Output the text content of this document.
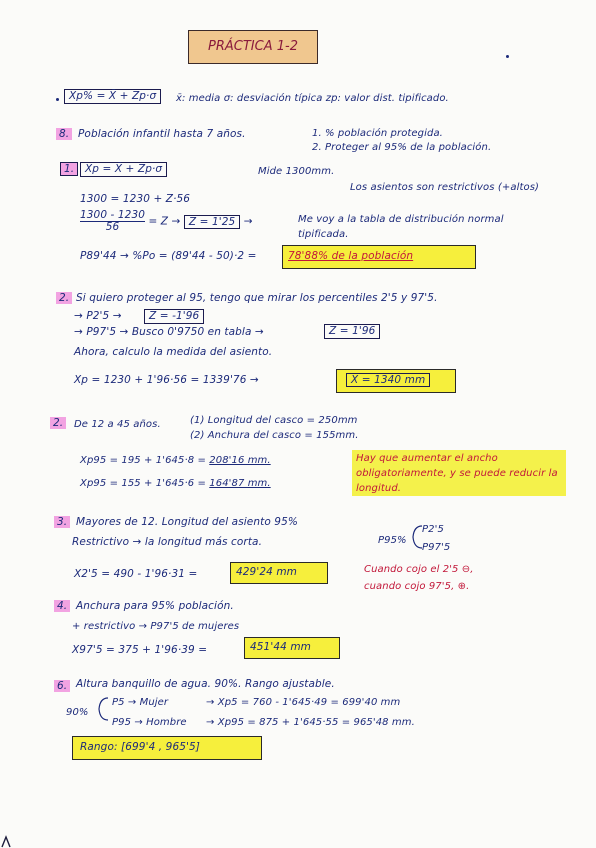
PRÁCTICA 1-2
Xp% = X̄ + Zp·σ	x̄: media σ: desviación típica zp: valor dist. tipificado.
8. Población infantil hasta 7 años.	1. % población protegida.
2. Proteger al 95% de la población.
1.	Xp = X̄ + Zp·σ	Mide 1300mm.
Los asientos son restrictivos (+altos)
1300 = 1230 + Z·56
$\frac{1300 - 1230}{56} = Z \to Z = 1'25$ →	Me voy a la tabla de distribución normal
tipificada.
P89'44 → %Po = (89'44 - 50)·2 =	78'88% de la población
2. Si quiero proteger al 95, tengo que mirar los percentiles 2'5 y 97'5.
→ P2'5 →	Z = -1'96
→ P97'5 → Busco 0'9750 en tabla →	Z = 1'96
Ahora, calculo la medida del asiento.
Xp = 1230 + 1'96·56 = 1339'76 →	X = 1340 mm
2.	De 12 a 45 años.	(1) Longitud del casco = 250mm
(2) Anchura del casco = 155mm.
Xp95 = 195 + 1'645·8 = 208'16 mm.
Xp95 = 155 + 1'645·6 = 164'87 mm.
Hay que aumentar el ancho obligatoriamente, y se puede reducir la longitud.
3. Mayores de 12. Longitud del asiento 95%
Restrictivo → la longitud más corta.	P95%
P2'5
P97'5
X2'5 = 490 - 1'96·31 =	429'24 mm	Cuando cojo el 2'5 ⊖,
cuando cojo 97'5, ⊕.
4. Anchura para 95% población.
+ restrictivo → P97'5 de mujeres
X97'5 = 375 + 1'96·39 =	451'44 mm
6. Altura banquillo de agua. 90%. Rango ajustable.
90%
P5 → Mujer	→ Xp5 = 760 - 1'645·49 = 699'40 mm
P95 → Hombre → Xp95 = 875 + 1'645·55 = 965'48 mm.
Rango: [699'4 , 965'5]
